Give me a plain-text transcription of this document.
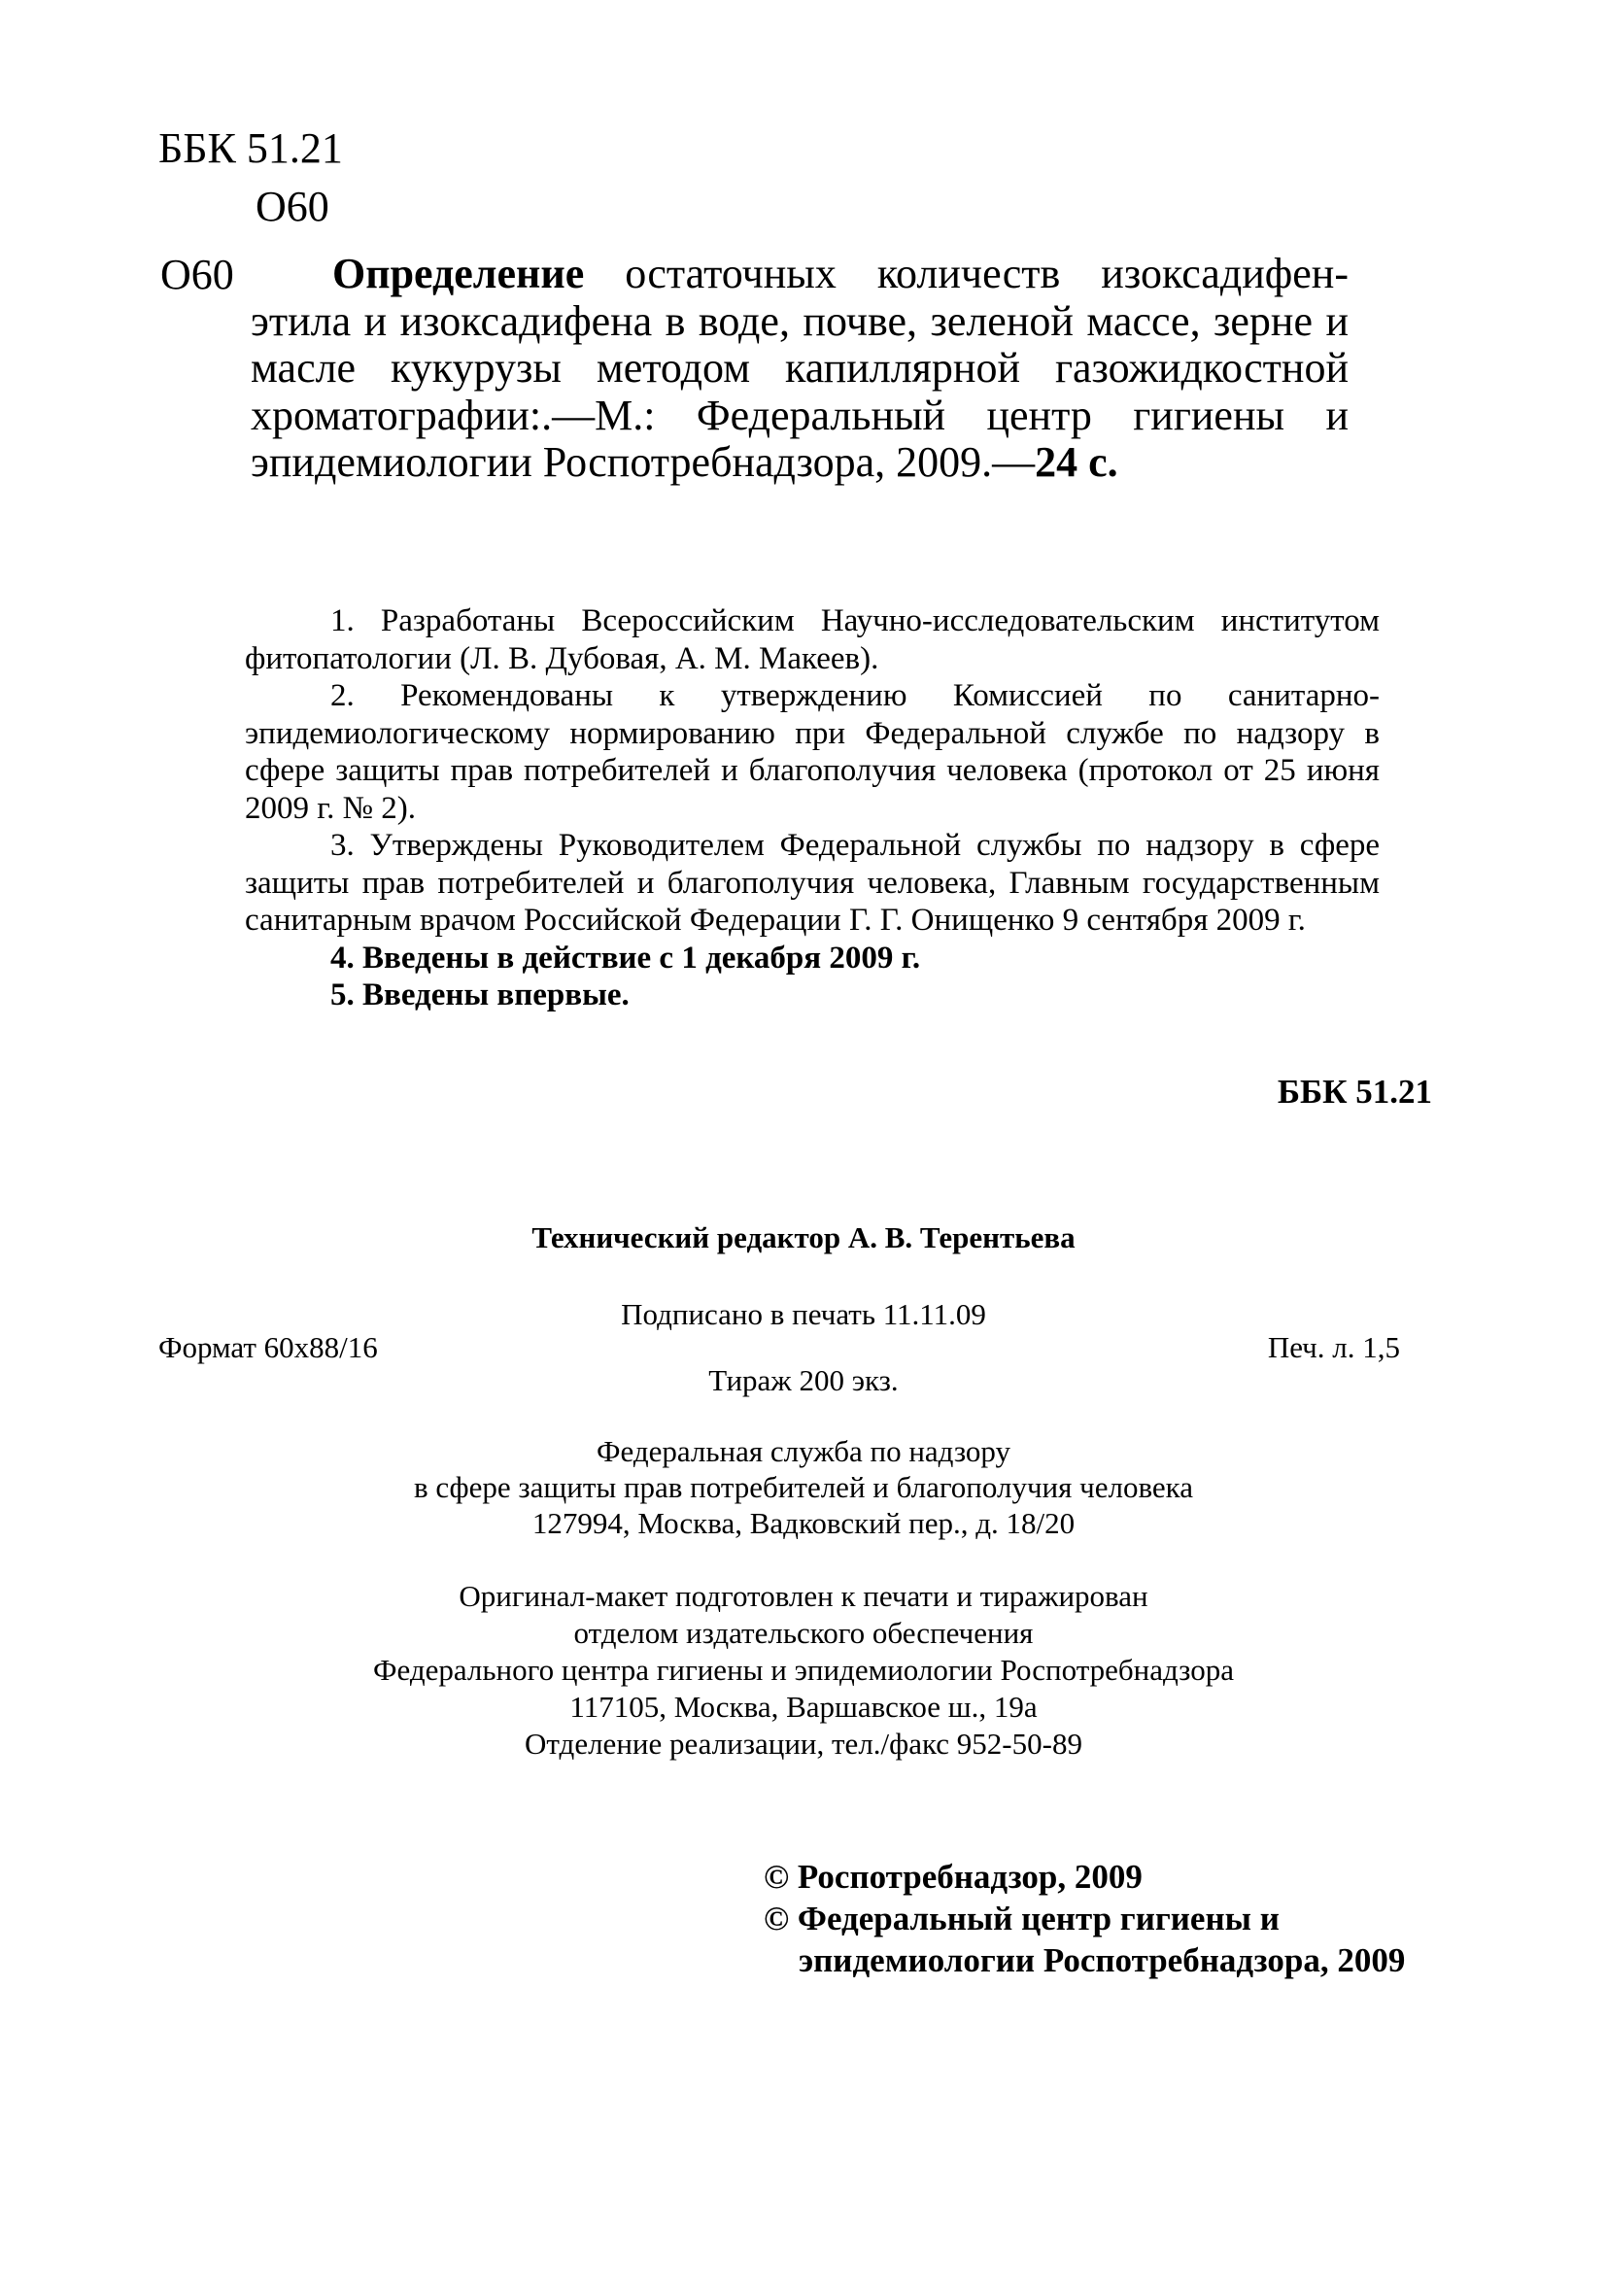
ББК 51.21
О60
О60	Определение остаточных количеств изоксадифен-этила и изоксадифена в воде, почве, зеленой массе, зерне и масле кукурузы методом капиллярной газожидкостной хроматографии:.—М.: Федеральный центр гигиены и эпидемиологии Роспотребнадзора, 2009.—24 с.

1. Разработаны Всероссийским Научно-исследовательским институтом фитопатологии (Л. В. Дубовая, А. М. Макеев).

2. Рекомендованы к утверждению Комиссией по санитарно-эпидемиологическому нормированию при Федеральной службе по надзору в сфере защиты прав потребителей и благополучия человека (протокол от 25 июня 2009 г. № 2).

3. Утверждены Руководителем Федеральной службы по надзору в сфере защиты прав потребителей и благополучия человека, Главным государственным санитарным врачом Российской Федерации Г. Г. Онищенко 9 сентября 2009 г.

4. Введены в действие с 1 декабря 2009 г.

5. Введены впервые.

ББК 51.21
Технический редактор А. В. Терентьева
Подписано в печать 11.11.09
Формат 60x88/16	Печ. л. 1,5
Тираж 200 экз.
Федеральная служба по надзору
в сфере защиты прав потребителей и благополучия человека
127994, Москва, Вадковский пер., д. 18/20
Оригинал-макет подготовлен к печати и тиражирован
отделом издательского обеспечения
Федерального центра гигиены и эпидемиологии Роспотребнадзора
117105, Москва, Варшавское ш., 19а
Отделение реализации, тел./факс 952-50-89
© Роспотребнадзор, 2009
© Федеральный центр гигиены и
эпидемиологии Роспотребнадзора, 2009
